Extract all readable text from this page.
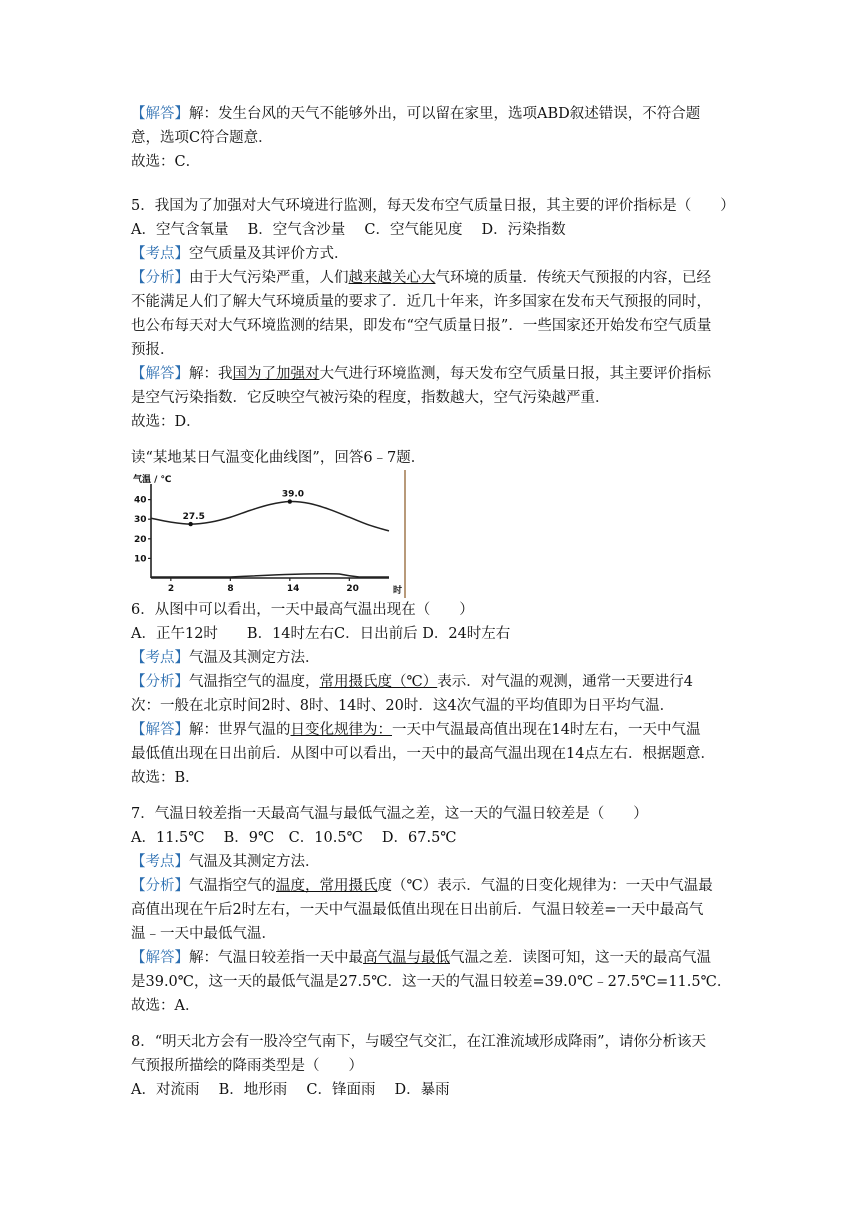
【解答】解：发生台风的天气不能够外出，可以留在家里，选项ABD叙述错误，不符合题
意，选项C符合题意．
故选：C．
5．我国为了加强对大气环境进行监测，每天发布空气质量日报，其主要的评价指标是（　　）
A．空气含氧量　 B．空气含沙量　 C．空气能见度　 D．污染指数
【考点】空气质量及其评价方式．
【分析】由于大气污染严重，人们越来越关心大气环境的质量．传统天气预报的内容，已经
不能满足人们了解大气环境质量的要求了．近几十年来，许多国家在发布天气预报的同时，
也公布每天对大气环境监测的结果，即发布“空气质量日报”．一些国家还开始发布空气质量
预报．
【解答】解：我国为了加强对大气进行环境监测，每天发布空气质量日报，其主要评价指标
是空气污染指数．它反映空气被污染的程度，指数越大，空气污染越严重．
故选：D．
读“某地某日气温变化曲线图”，回答6﹣7题．
气温 / ℃
时
40
30
20
10
2	8	14	20
27.5
39.0
6．从图中可以看出，一天中最高气温出现在（　　）
A．正午12时　　B．14时左右C．日出前后 D．24时左右
【考点】气温及其测定方法．
【分析】气温指空气的温度，常用摄氏度（℃）表示．对气温的观测，通常一天要进行4
次：一般在北京时间2时、8时、14时、20时．这4次气温的平均值即为日平均气温．
【解答】解：世界气温的日变化规律为：一天中气温最高值出现在14时左右，一天中气温
最低值出现在日出前后．从图中可以看出，一天中的最高气温出现在14点左右．根据题意．
故选：B．
7．气温日较差指一天最高气温与最低气温之差，这一天的气温日较差是（　　）
A．11.5℃　 B．9℃　C．10.5℃　 D．67.5℃
【考点】气温及其测定方法．
【分析】气温指空气的温度，常用摄氏度（℃）表示．气温的日变化规律为：一天中气温最
高值出现在午后2时左右，一天中气温最低值出现在日出前后．气温日较差=一天中最高气
温﹣一天中最低气温．
【解答】解：气温日较差指一天中最高气温与最低气温之差．读图可知，这一天的最高气温
是39.0℃，这一天的最低气温是27.5℃．这一天的气温日较差=39.0℃﹣27.5℃=11.5℃．
故选：A．
8．“明天北方会有一股冷空气南下，与暖空气交汇，在江淮流域形成降雨”，请你分析该天
气预报所描绘的降雨类型是（　　）
A．对流雨　 B．地形雨　 C．锋面雨　 D．暴雨
